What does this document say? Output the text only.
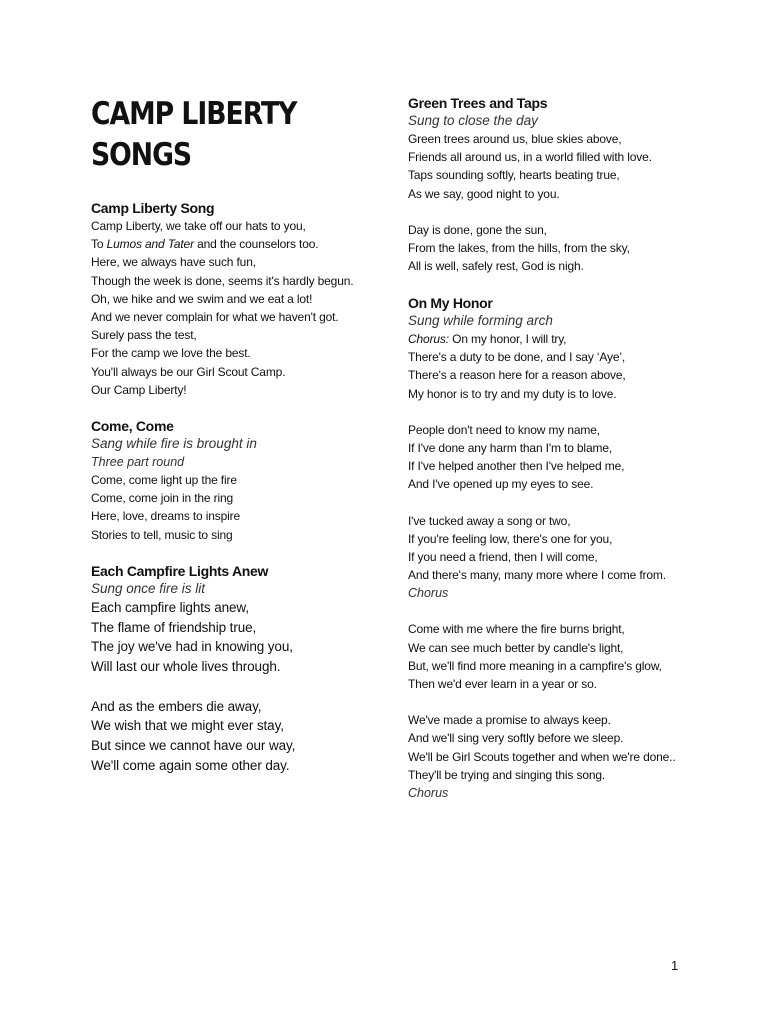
CAMP LIBERTY SONGS

Camp Liberty Song

Camp Liberty, we take off our hats to you,

To Lumos and Tater and the counselors too.

Here, we always have such fun,

Though the week is done, seems it's hardly begun.

Oh, we hike and we swim and we eat a lot!

And we never complain for what we haven't got.

Surely pass the test,

For the camp we love the best.

You'll always be our Girl Scout Camp.

Our Camp Liberty!

Come, Come

Sang while fire is brought in

Three part round

Come, come light up the fire

Come, come join in the ring

Here, love, dreams to inspire

Stories to tell, music to sing

Each Campfire Lights Anew

Sung once fire is lit

Each campfire lights anew,

The flame of friendship true,

The joy we've had in knowing you,

Will last our whole lives through.

And as the embers die away,

We wish that we might ever stay,

But since we cannot have our way,

We'll come again some other day.

Green Trees and Taps

Sung to close the day

Green trees around us, blue skies above,

Friends all around us, in a world filled with love.

Taps sounding softly, hearts beating true,

As we say, good night to you.

Day is done, gone the sun,

From the lakes, from the hills, from the sky,

All is well, safely rest, God is nigh.

On My Honor

Sung while forming arch

Chorus: On my honor, I will try,

There's a duty to be done, and I say ‘Aye’,

There's a reason here for a reason above,

My honor is to try and my duty is to love.

People don't need to know my name,

If I've done any harm than I'm to blame,

If I've helped another then I've helped me,

And I've opened up my eyes to see.

I've tucked away a song or two,

If you're feeling low, there's one for you,

If you need a friend, then I will come,

And there's many, many more where I come from.

Chorus

Come with me where the fire burns bright,

We can see much better by candle's light,

But, we'll find more meaning in a campfire's glow,

Then we'd ever learn in a year or so.

We've made a promise to always keep.

And we'll sing very softly before we sleep.

We'll be Girl Scouts together and when we're done..

They'll be trying and singing this song.

Chorus

1
